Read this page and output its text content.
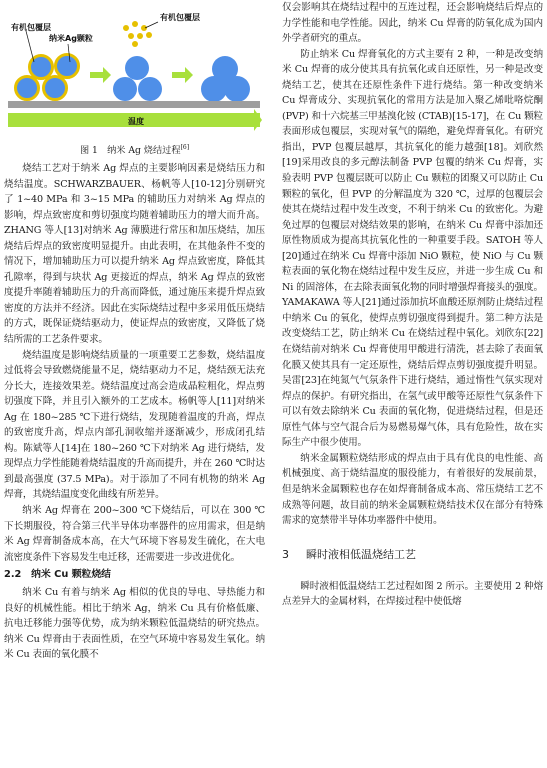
有机包覆层
纳米Ag颗粒
有机包覆层
温度
图 1　纳米 Ag 烧结过程[6]

烧结工艺对于纳米 Ag 焊点的主要影响因素是烧结压力和烧结温度。SCHWARZBAUER、杨帆等人[10-12]分别研究了 1~40 MPa 和 3~15 MPa 的辅助压力对纳米 Ag 焊点的影响，焊点致密度和剪切强度均随着辅助压力的增大而升高。ZHANG 等人[13]对纳米 Ag 薄膜进行常压和加压烧结，加压烧结后焊点的致密度明显提升。由此表明，在其他条件不变的情况下，增加辅助压力可以提升纳米 Ag 焊点致密度，降低其孔隙率，得到与块状 Ag 更接近的焊点，纳米 Ag 焊点的致密度提升率随着辅助压力的升高而降低，通过施压来提升焊点致密度的方法并不经济。因此在实际烧结过程中多采用低压烧结的方式，既保证烧结驱动力，使证焊点的致密度，又降低了烧结所需的工艺条件要求。

烧结温度是影响烧结质量的一项重要工艺参数，烧结温度过低将会导致燃烧能量不足，烧结驱动力不足，烧结颈无法充分长大，连接效果差。烧结温度过高会造成晶粒粗化，焊点剪切强度下降，并且引入额外的工艺成本。杨帆等人[11]对纳米 Ag 在 180~285 ℃下进行烧结，发现随着温度的升高，焊点的致密度升高，焊点内部孔洞收缩并逐渐减少，形成闭孔结构。陈斌等人[14]在 180~260 ℃下对纳米 Ag 进行烧结，发现焊点力学性能随着烧结温度的升高而提升，并在 260 ℃时达到最高强度 (37.5 MPa)。对于添加了不同有机物的纳米 Ag 焊膏，其烧结温度变化曲线有所差异。

纳米 Ag 焊膏在 200~300 ℃下烧结后，可以在 300 ℃下长期服役，符合第三代半导体功率器件的应用需求，但是纳米 Ag 焊膏制备成本高，在大气环境下容易发生硫化，在大电流密度条件下容易发生电迁移，还需要进一步改进优化。

2.2　纳米 Cu 颗粒烧结

纳米 Cu 有着与纳米 Ag 相似的优良的导电、导热能力和良好的机械性能。相比于纳米 Ag，纳米 Cu 具有价格低廉、抗电迁移能力强等优势，成为纳米颗粒低温烧结的研究热点。纳米 Cu 焊膏由于表面性质，在空气环境中容易发生氧化。纳米 Cu 表面的氧化膜不

仅会影响其在烧结过程中的互连过程，还会影响烧结后焊点的力学性能和电学性能。因此，纳米 Cu 焊膏的防氧化成为国内外学者研究的重点。

防止纳米 Cu 焊膏氧化的方式主要有 2 种，一种是改变纳米 Cu 焊膏的成分使其具有抗氧化或自还原性，另一种是改变烧结工艺，使其在还原性条件下进行烧结。第一种改变纳米 Cu 焊膏成分、实现抗氧化的常用方法是加入聚乙烯吡咯烷酮 (PVP) 和十六烷基三甲基溴化铵 (CTAB)[15-17]，在 Cu 颗粒表面形成包覆层，实现对氧气的隔绝，避免焊膏氧化。有研究指出，PVP 包覆层越厚，其抗氧化的能力越强[18]。刘欣然[19]采用改良的多元醇法制备 PVP 包覆的纳米 Cu 焊膏，实验表明 PVP 包覆层既可以防止 Cu 颗粒的团聚又可以防止 Cu 颗粒的氧化，但 PVP 的分解温度为 320 ℃，过厚的包覆层会使其在烧结过程中发生改变，不利于纳米 Cu 的致密化。为避免过厚的包覆层对烧结效果的影响，在纳米 Cu 焊膏中添加还原性物质成为提高其抗氧化性的一种重要手段。SATOH 等人[20]通过在纳米 Cu 焊膏中添加 NiO 颗粒，使 NiO 与 Cu 颗粒表面的氧化物在烧结过程中发生反应，并进一步生成 Cu 和 Ni 的固溶体，在去除表面氧化物的同时增强焊膏接头的强度。YAMAKAWA 等人[21]通过添加抗坏血酸还原剂防止烧结过程中纳米 Cu 的氧化，使焊点剪切强度得到提升。第二种方法是改变烧结工艺，防止纳米 Cu 在烧结过程中氧化。刘欣东[22]在烧结前对纳米 Cu 焊膏使用甲酸进行清洗，甚去除了表面氧化膜又使其具有一定还原性，烧结后焊点剪切强度提升明显。吴雷[23]在纯氮气气氛条件下进行烧结，通过惰性气氛实现对焊点的保护。有研究指出，在氢气或甲酸等还原性气氛条件下可以有效去除纳米 Cu 表面的氧化物，促进烧结过程，但是还原性气体与空气混合后为易燃易爆气体，具有危险性，故在实际生产中很少使用。

纳米金属颗粒烧结形成的焊点由于具有优良的电性能、高机械强度、高于烧结温度的服役能力，有着很好的发展前景，但是纳米金属颗粒也存在如焊膏制备成本高、常压烧结工艺不成熟等问题，故目前的纳米金属颗粒烧结技术仅在部分有特殊需求的宽禁带半导体功率器件中使用。

3 瞬时液相低温烧结工艺

瞬时液相低温烧结工艺过程如图 2 所示。主要使用 2 种熔点差异大的金属材料，在焊接过程中使低熔
